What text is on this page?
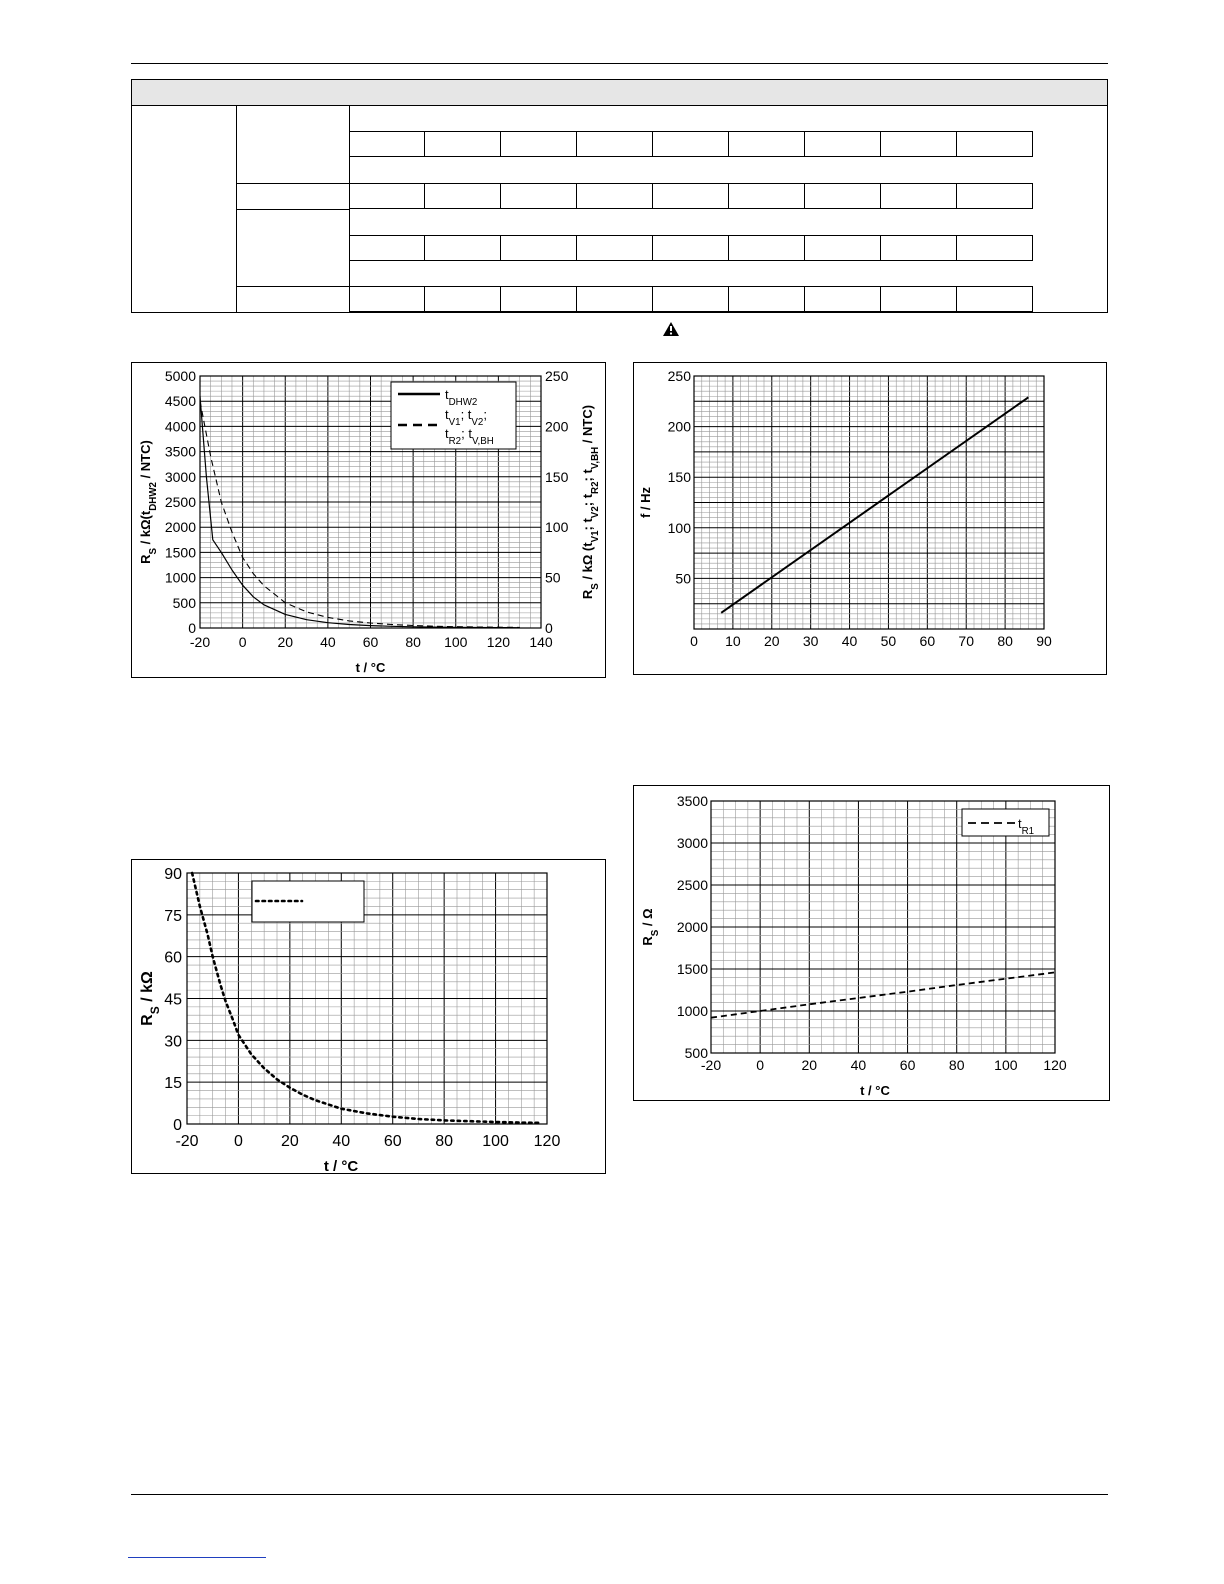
-20 0 20 40 60 80 100 120 140
0
500
1000
1500
2000
2500
3000
3500
4000
4500
5000
0
50
100
150
200
250
t / °C
$R_S / k\Omega(t_{DHW2} / NTC)$
$R_S$ / kΩ ($t_{V1}$; $t_{V2}$; $t_{R2}$; $t_{V,BH} / NTC$)
$t_{DHW2}$
$t_{V1}$; $t_{V2}$;
$t_{R2}$; $t_{V,BH}$
0 10 20 30 40 50 60 70 80 90
50
100
150
200
250
f / Hz
-20 0 20 40 60 80 100 120
0
15
30
45
60
75
90
t / °C
$R_S$ / kΩ
-20	0	20 40 60 80 100 120
500
1000
1500
2000
2500
3000
3500
t / °C
$R_S$ / Ω
$t_{R1}$
